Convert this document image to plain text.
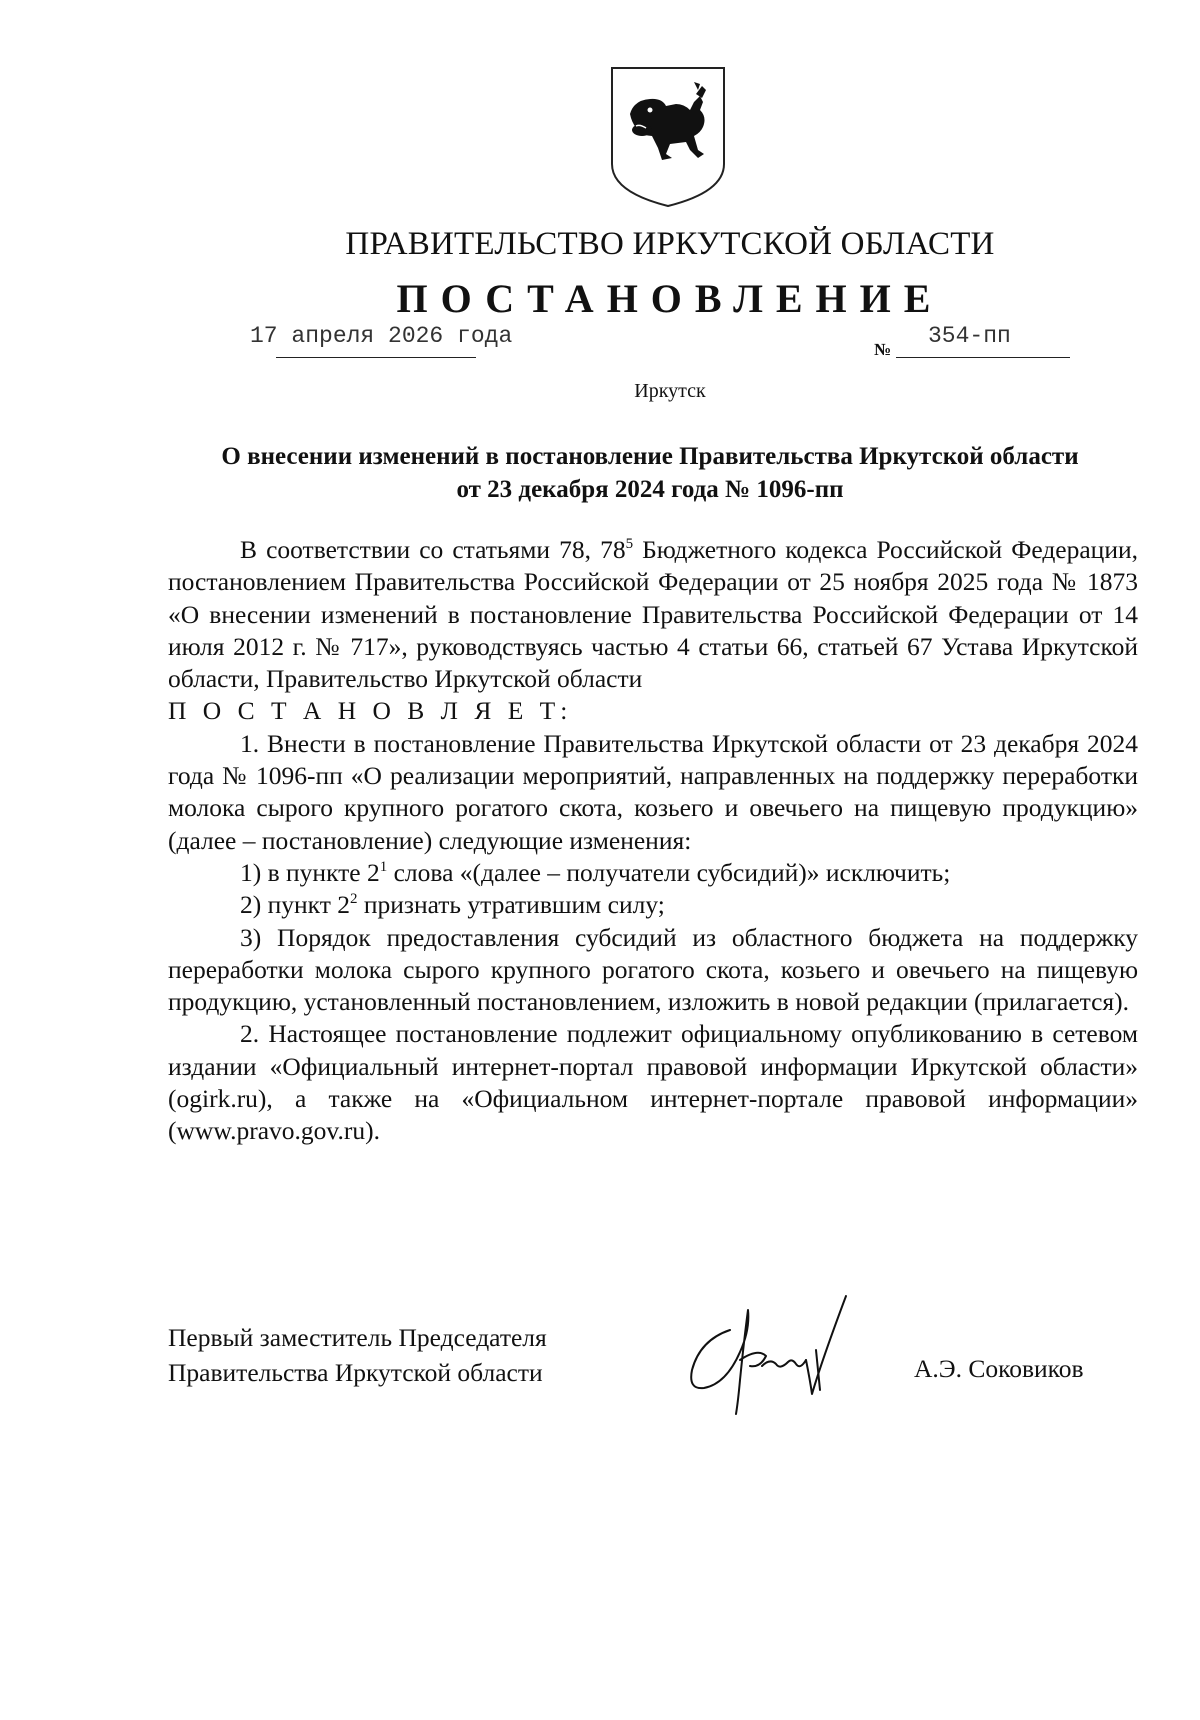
ПРАВИТЕЛЬСТВО ИРКУТСКОЙ ОБЛАСТИ
ПОСТАНОВЛЕНИЕ
17 апреля 2026 года
№
354-пп
Иркутск
О внесении изменений в постановление Правительства Иркутской области
от 23 декабря 2024 года № 1096-пп

В соответствии со статьями 78, $78^5$ Бюджетного кодекса Российской Федерации, постановлением Правительства Российской Федерации от 25 ноября 2025 года № 1873 «О внесении изменений в постановление Правительства Российской Федерации от 14 июля 2012 г. № 717», руководствуясь частью 4 статьи 66, статьей 67 Устава Иркутской области, Правительство Иркутской области

П О С Т А Н О В Л Я Е Т:

1. Внести в постановление Правительства Иркутской области от 23 декабря 2024 года № 1096-пп «О реализации мероприятий, направленных на поддержку переработки молока сырого крупного рогатого скота, козьего и овечьего на пищевую продукцию» (далее – постановление) следующие изменения:

1) в пункте $2^1$ слова «(далее – получатели субсидий)» исключить;

2) пункт $2^2$ признать утратившим силу;

3) Порядок предоставления субсидий из областного бюджета на поддержку переработки молока сырого крупного рогатого скота, козьего и овечьего на пищевую продукцию, установленный постановлением, изложить в новой редакции (прилагается).

2. Настоящее постановление подлежит официальному опубликованию в сетевом издании «Официальный интернет-портал правовой информации Иркутской области» (ogirk.ru), а также на «Официальном интернет-портале правовой информации» (www.pravo.gov.ru).

Первый заместитель Председателя
Правительства Иркутской области	А.Э. Соковиков
